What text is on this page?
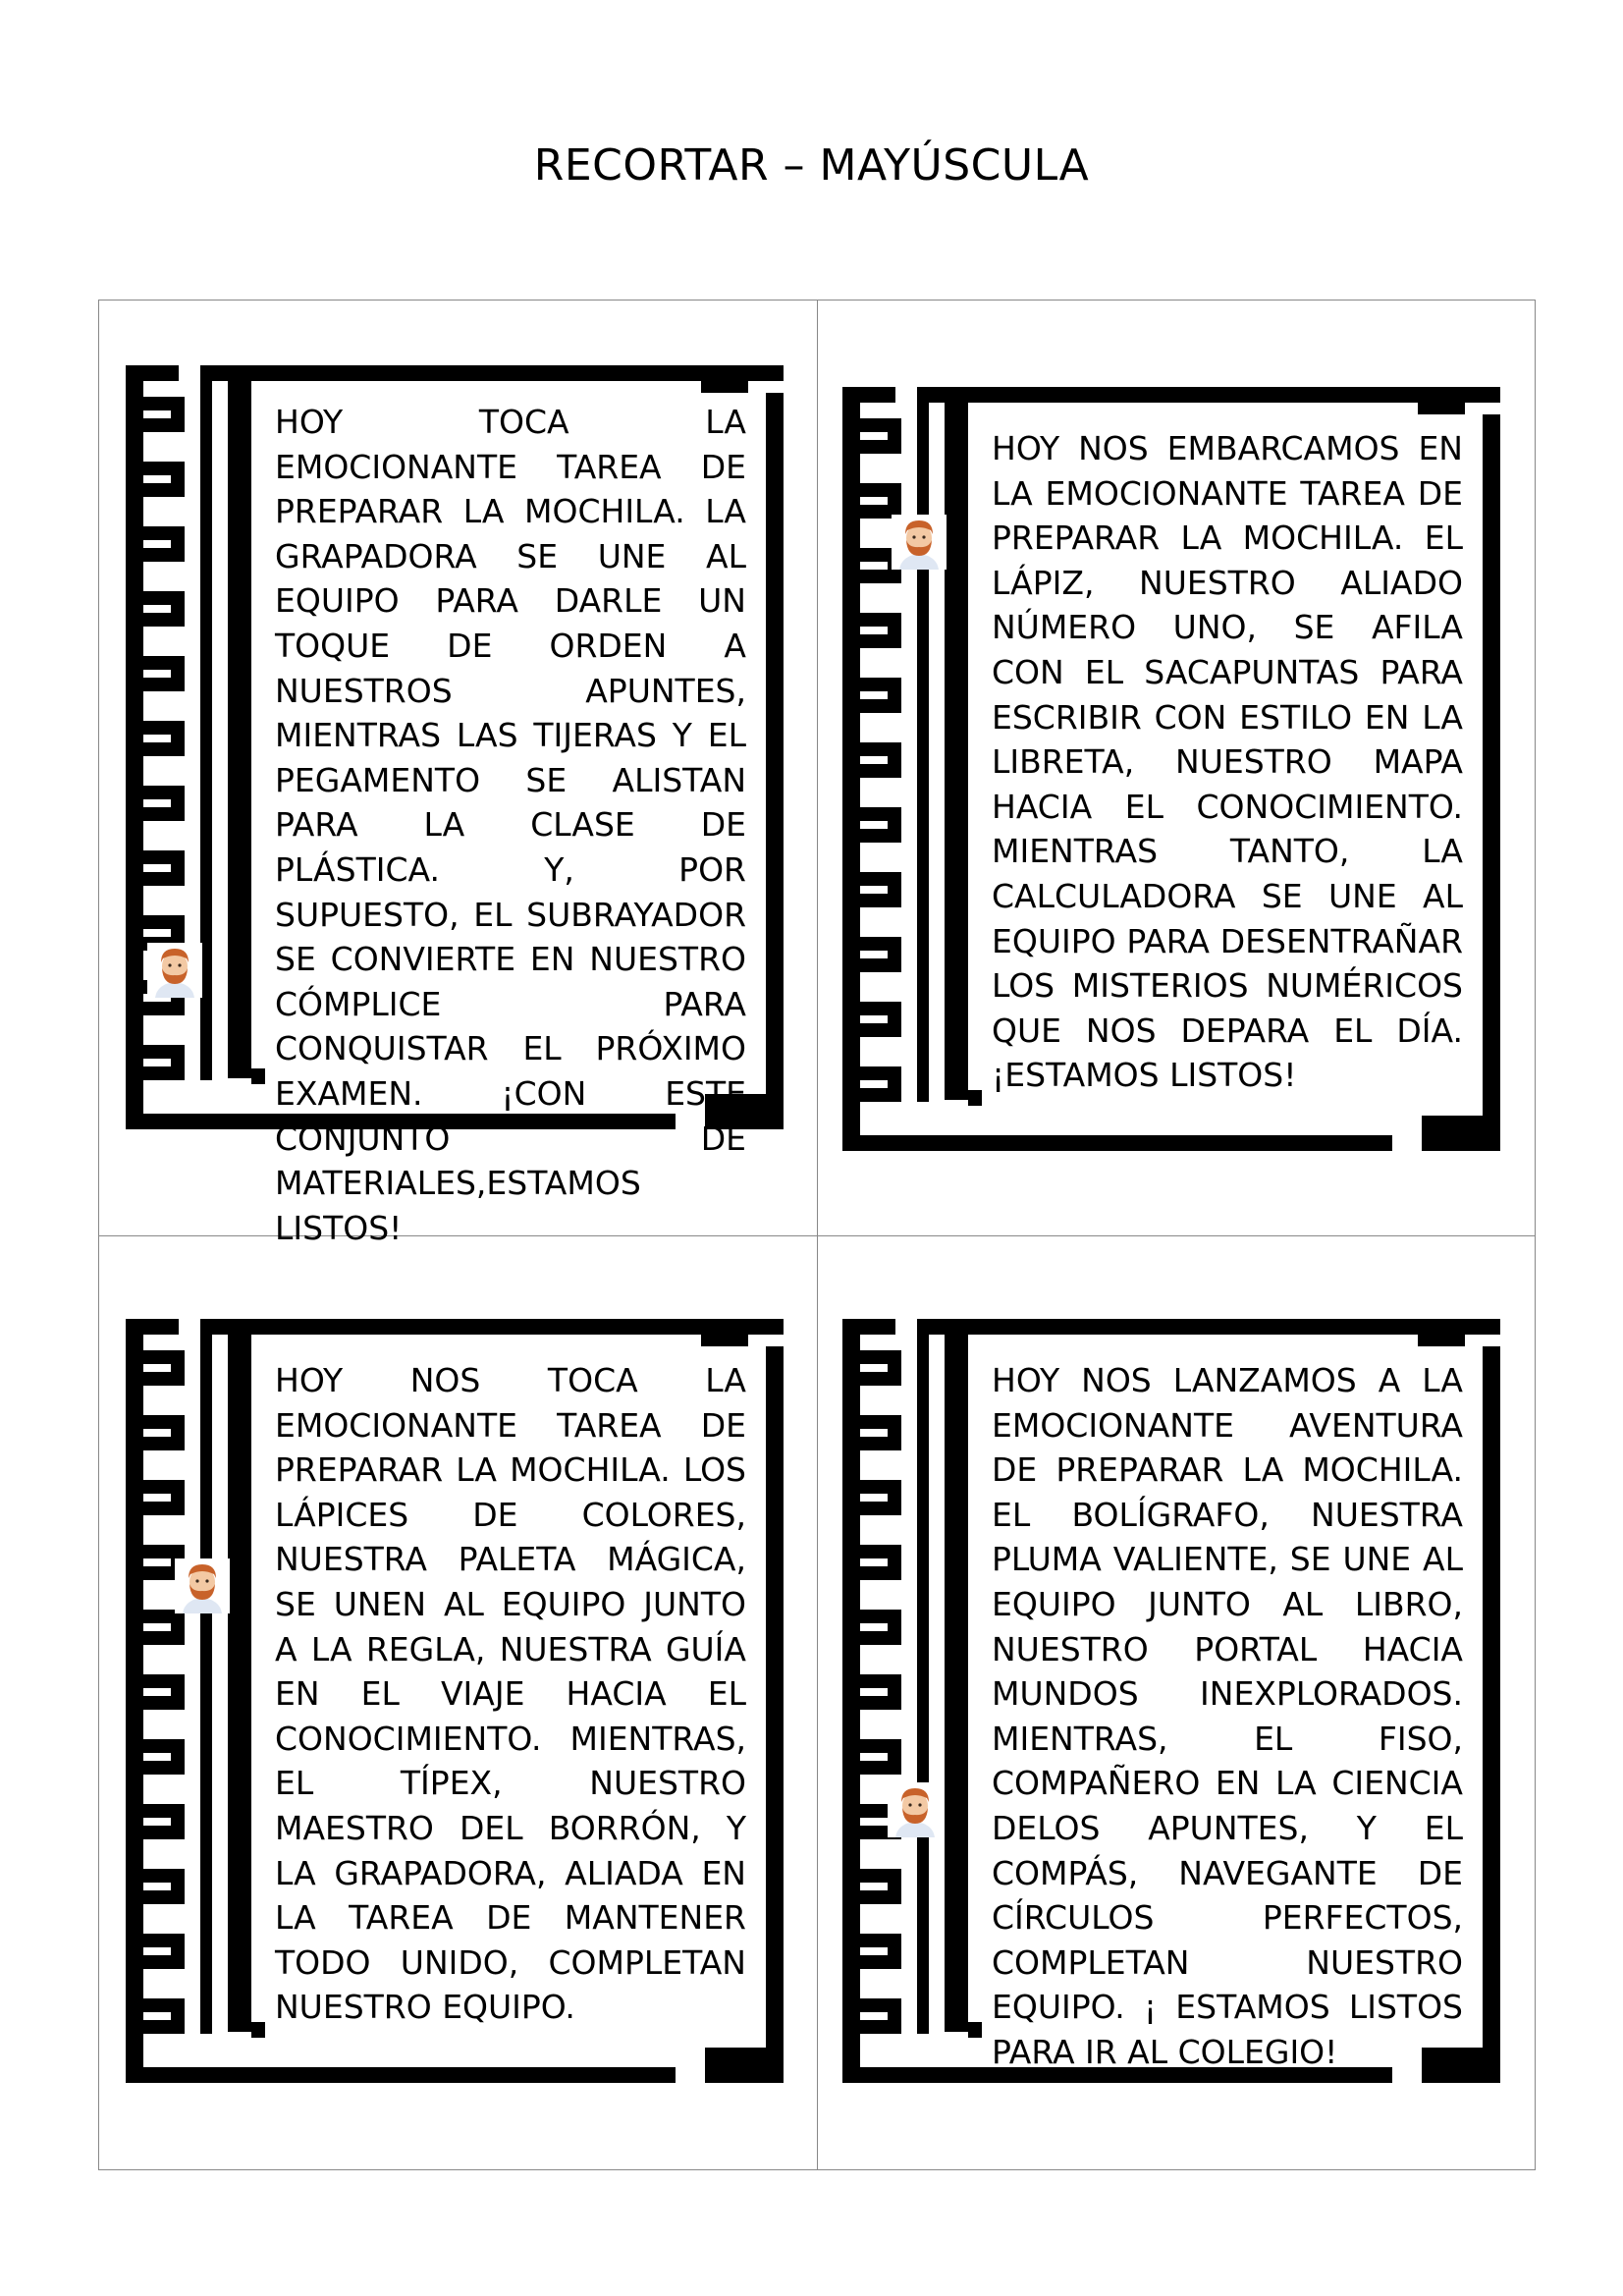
RECORTAR – MAYÚSCULA
HOY TOCA LA EMOCIONANTE TAREA DE PREPARAR LA MOCHILA. LA GRAPADORA SE UNE AL EQUIPO PARA DARLE UN TOQUE DE ORDEN A NUESTROS APUNTES, MIENTRAS LAS TIJERAS Y EL PEGAMENTO SE ALISTAN PARA LA CLASE DE PLÁSTICA. Y, POR SUPUESTO, EL SUBRAYADOR SE CONVIERTE EN NUESTRO CÓMPLICE PARA CONQUISTAR EL PRÓXIMO EXAMEN. ¡CON ESTE CONJUNTO DE MATERIALES,ESTAMOS LISTOS!
HOY NOS EMBARCAMOS EN LA EMOCIONANTE TAREA DE PREPARAR LA MOCHILA. EL LÁPIZ, NUESTRO ALIADO NÚMERO UNO, SE AFILA CON EL SACAPUNTAS PARA ESCRIBIR CON ESTILO EN LA LIBRETA, NUESTRO MAPA HACIA EL CONOCIMIENTO. MIENTRAS TANTO, LA CALCULADORA SE UNE AL EQUIPO PARA DESENTRAÑAR LOS MISTERIOS NUMÉRICOS QUE NOS DEPARA EL DÍA. ¡ESTAMOS LISTOS!
HOY NOS TOCA LA EMOCIONANTE TAREA DE PREPARAR LA MOCHILA. LOS LÁPICES DE COLORES, NUESTRA PALETA MÁGICA, SE UNEN AL EQUIPO JUNTO A LA REGLA, NUESTRA GUÍA EN EL VIAJE HACIA EL CONOCIMIENTO. MIENTRAS, EL TÍPEX, NUESTRO MAESTRO DEL BORRÓN, Y LA GRAPADORA, ALIADA EN LA TAREA DE MANTENER TODO UNIDO, COMPLETAN NUESTRO EQUIPO.
HOY NOS LANZAMOS A LA EMOCIONANTE AVENTURA DE PREPARAR LA MOCHILA. EL BOLÍGRAFO, NUESTRA PLUMA VALIENTE, SE UNE AL EQUIPO JUNTO AL LIBRO, NUESTRO PORTAL HACIA MUNDOS INEXPLORADOS. MIENTRAS, EL FISO, COMPAÑERO EN LA CIENCIA DELOS APUNTES, Y EL COMPÁS, NAVEGANTE DE CÍRCULOS PERFECTOS, COMPLETAN NUESTRO EQUIPO. ¡ ESTAMOS LISTOS PARA IR AL COLEGIO!
